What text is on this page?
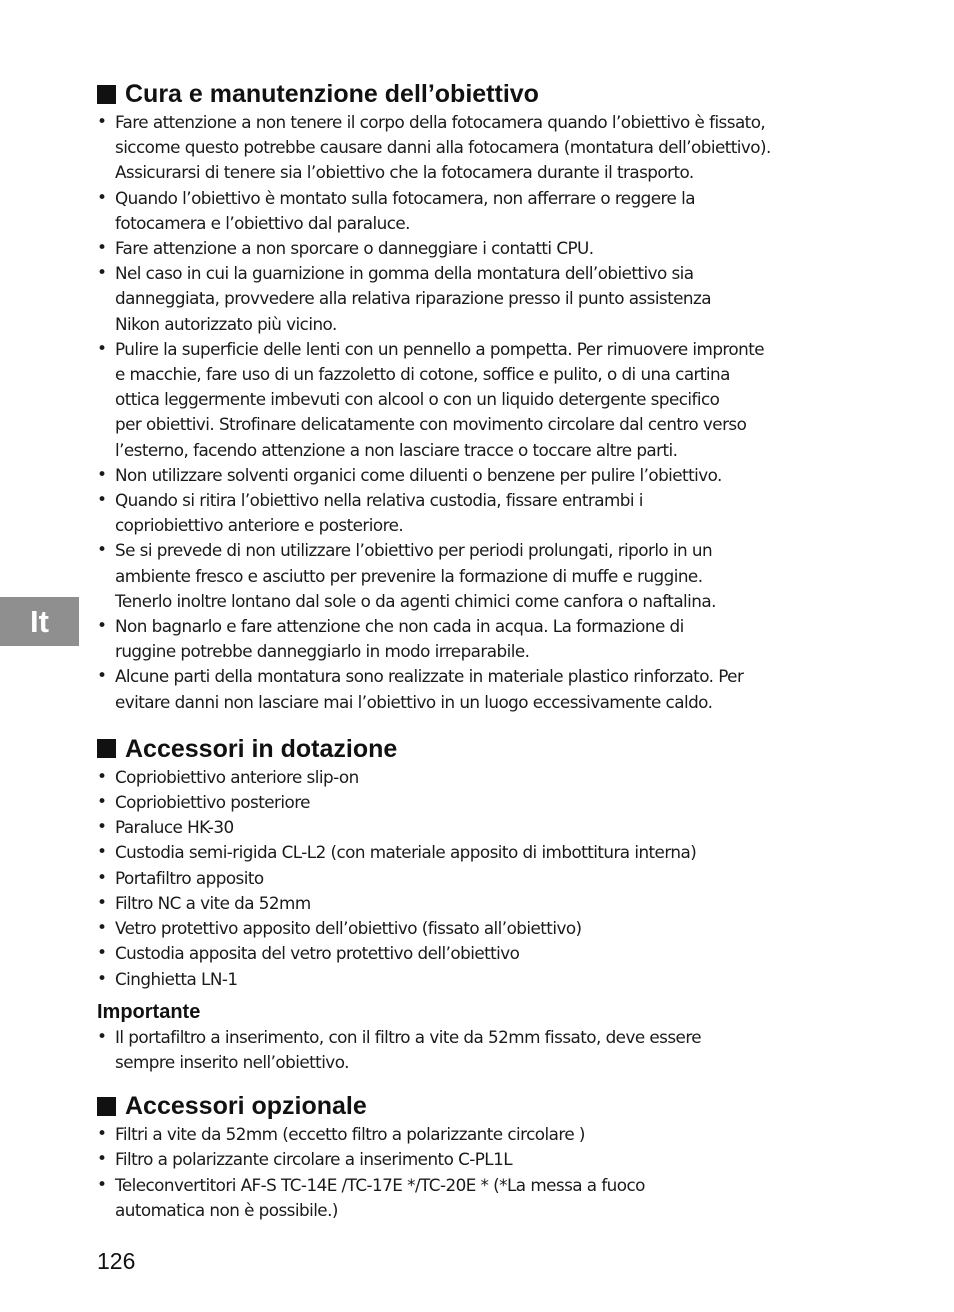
It
Cura e manutenzione dell’obiettivo
• Fare attenzione a non tenere il corpo della fotocamera quando l’obiettivo è fissato,
siccome questo potrebbe causare danni alla fotocamera (montatura dell’obiettivo).
Assicurarsi di tenere sia l’obiettivo che la fotocamera durante il trasporto.
• Quando l’obiettivo è montato sulla fotocamera, non afferrare o reggere la
fotocamera e l’obiettivo dal paraluce.
• Fare attenzione a non sporcare o danneggiare i contatti CPU.
• Nel caso in cui la guarnizione in gomma della montatura dell’obiettivo sia
danneggiata, provvedere alla relativa riparazione presso il punto assistenza
Nikon autorizzato più vicino.
• Pulire la superficie delle lenti con un pennello a pompetta. Per rimuovere impronte
e macchie, fare uso di un fazzoletto di cotone, soffice e pulito, o di una cartina
ottica leggermente imbevuti con alcool o con un liquido detergente specifico
per obiettivi. Strofinare delicatamente con movimento circolare dal centro verso
l’esterno, facendo attenzione a non lasciare tracce o toccare altre parti.
• Non utilizzare solventi organici come diluenti o benzene per pulire l’obiettivo.
• Quando si ritira l’obiettivo nella relativa custodia, fissare entrambi i
copriobiettivo anteriore e posteriore.
• Se si prevede di non utilizzare l’obiettivo per periodi prolungati, riporlo in un
ambiente fresco e asciutto per prevenire la formazione di muffe e ruggine.
Tenerlo inoltre lontano dal sole o da agenti chimici come canfora o naftalina.
• Non bagnarlo e fare attenzione che non cada in acqua. La formazione di
ruggine potrebbe danneggiarlo in modo irreparabile.
• Alcune parti della montatura sono realizzate in materiale plastico rinforzato. Per
evitare danni non lasciare mai l’obiettivo in un luogo eccessivamente caldo.
Accessori in dotazione
• Copriobiettivo anteriore slip-on
• Copriobiettivo posteriore
• Paraluce HK-30
• Custodia semi-rigida CL-L2 (con materiale apposito di imbottitura interna)
• Portafiltro apposito
• Filtro NC a vite da 52mm
• Vetro protettivo apposito dell’obiettivo (fissato all’obiettivo)
• Custodia apposita del vetro protettivo dell’obiettivo
• Cinghietta LN-1
Importante
• Il portafiltro a inserimento, con il filtro a vite da 52mm fissato, deve essere
sempre inserito nell’obiettivo.
Accessori opzionale
• Filtri a vite da 52mm (eccetto filtro a polarizzante circolare )
• Filtro a polarizzante circolare a inserimento C-PL1L
• Teleconvertitori AF-S TC-14E /TC-17E */TC-20E * (*La messa a fuoco
automatica non è possibile.)
126
